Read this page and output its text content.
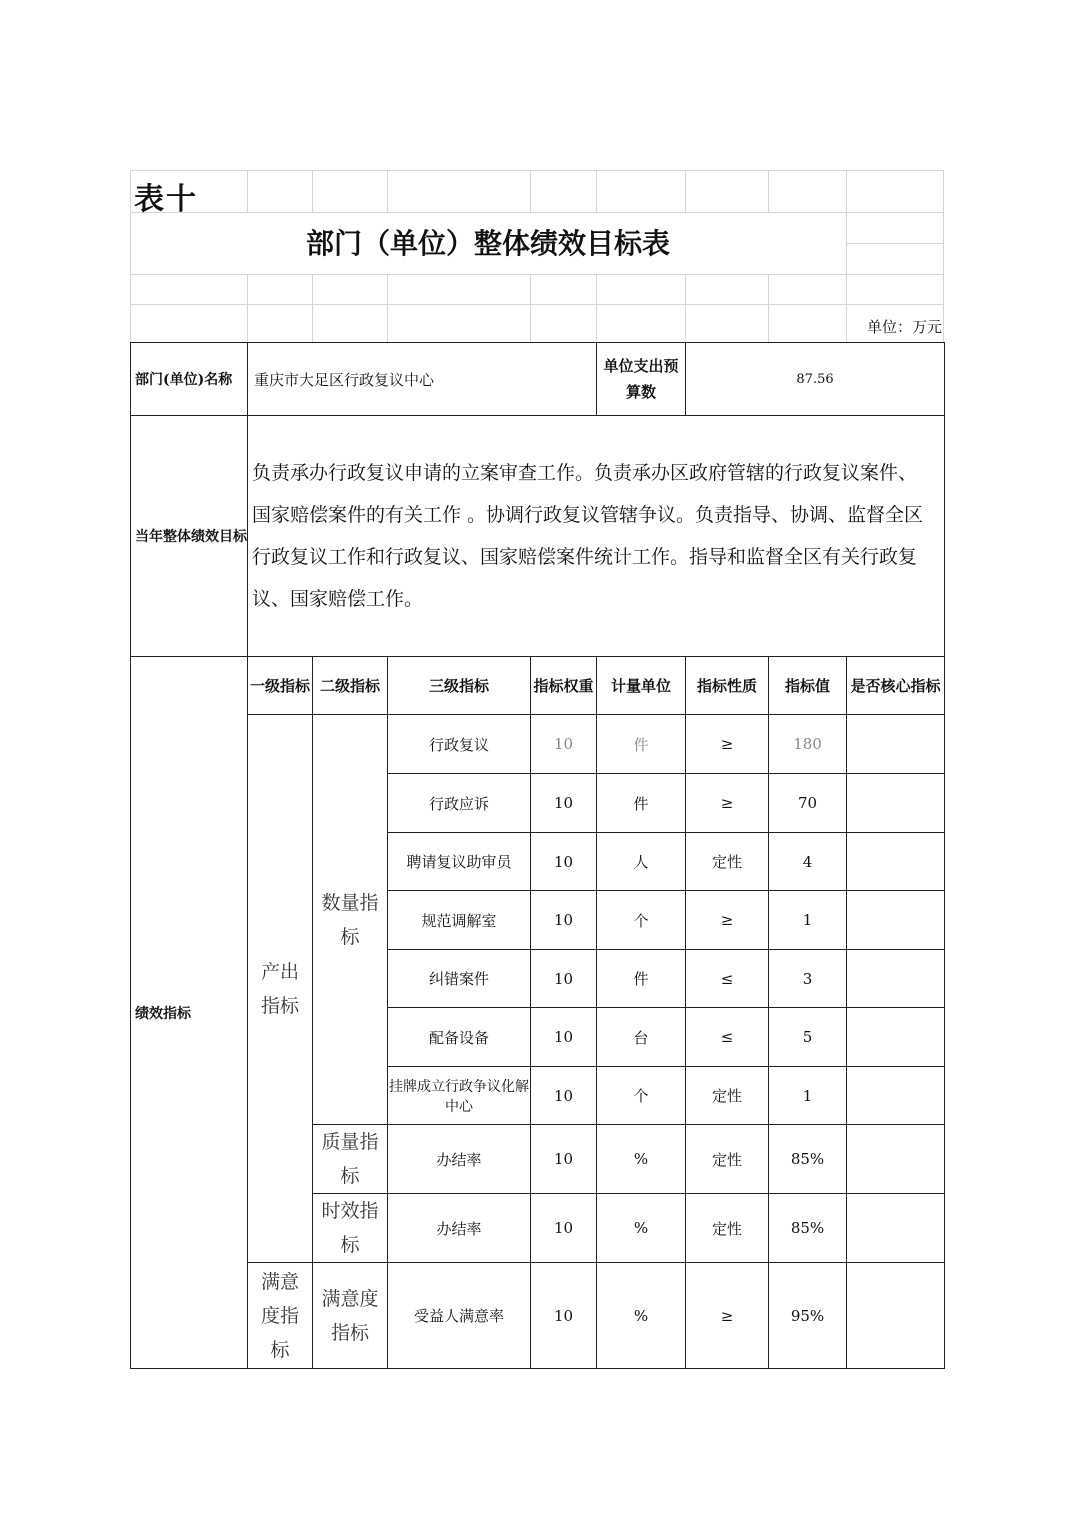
表十
部门（单位）整体绩效目标表
单位：万元
部门(单位)名称	重庆市大足区行政复议中心				单位支出预算数	87.56		
当年整体绩效目标	负责承办行政复议申请的立案审查工作。负责承办区政府管辖的行政复议案件、国家赔偿案件的有关工作 。协调行政复议管辖争议。负责指导、协调、监督全区行政复议工作和行政复议、国家赔偿案件统计工作。指导和监督全区有关行政复议、国家赔偿工作。							
绩效指标	一级指标	二级指标	三级指标	指标权重	计量单位	指标性质	指标值	是否核心指标
	产出指标	数量指标	行政复议	10	件	≥	180	
			行政应诉	10	件	≥	70	
			聘请复议助审员	10	人	定性	4	
			规范调解室	10	个	≥	1	
			纠错案件	10	件	≤	3	
			配备设备	10	台	≤	5	
			挂牌成立行政争议化解中心	10	个	定性	1	
		质量指标	办结率	10	%	定性	85%	
		时效指标	办结率	10	%	定性	85%	
	满意度指标	满意度指标	受益人满意率	10	%	≥	95%	
